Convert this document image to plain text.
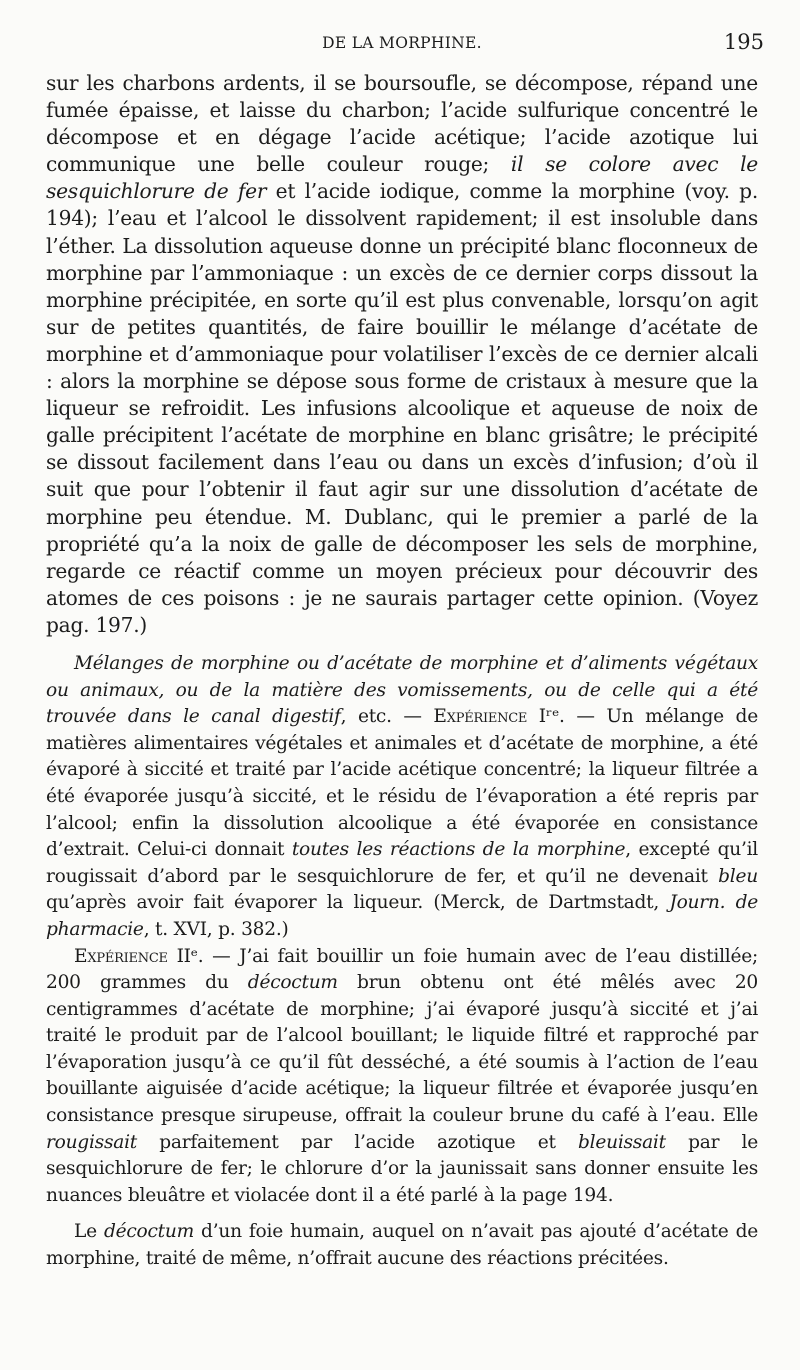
DE LA MORPHINE.	195

sur les charbons ardents, il se boursoufle, se décompose, répand une fumée épaisse, et laisse du charbon; l’acide sulfurique concentré le décompose et en dégage l’acide acétique; l’acide azotique lui communique une belle couleur rouge; il se colore avec le sesquichlorure de fer et l’acide iodique, comme la morphine (voy. p. 194); l’eau et l’alcool le dissolvent rapidement; il est insoluble dans l’éther. La dissolution aqueuse donne un précipité blanc floconneux de morphine par l’ammoniaque : un excès de ce dernier corps dissout la morphine précipitée, en sorte qu’il est plus convenable, lorsqu’on agit sur de petites quantités, de faire bouillir le mélange d’acétate de morphine et d’ammoniaque pour volatiliser l’excès de ce dernier alcali : alors la morphine se dépose sous forme de cristaux à mesure que la liqueur se refroidit. Les infusions alcoolique et aqueuse de noix de galle précipitent l’acétate de morphine en blanc grisâtre; le précipité se dissout facilement dans l’eau ou dans un excès d’infusion; d’où il suit que pour l’obtenir il faut agir sur une dissolution d’acétate de morphine peu étendue. M. Dublanc, qui le premier a parlé de la propriété qu’a la noix de galle de décomposer les sels de morphine, regarde ce réactif comme un moyen précieux pour découvrir des atomes de ces poisons : je ne saurais partager cette opinion. (Voyez pag. 197.)

Mélanges de morphine ou d’acétate de morphine et d’aliments végétaux ou animaux, ou de la matière des vomissements, ou de celle qui a été trouvée dans le canal digestif, etc. — Expérience Iʳᵉ. — Un mélange de matières alimentaires végétales et animales et d’acétate de morphine, a été évaporé à siccité et traité par l’acide acétique concentré; la liqueur filtrée a été évaporée jusqu’à siccité, et le résidu de l’évaporation a été repris par l’alcool; enfin la dissolution alcoolique a été évaporée en consistance d’extrait. Celui-ci donnait toutes les réactions de la morphine, excepté qu’il rougissait d’abord par le sesquichlorure de fer, et qu’il ne devenait bleu qu’après avoir fait évaporer la liqueur. (Merck, de Dartmstadt, Journ. de pharmacie, t. XVI, p. 382.)

Expérience IIᵉ. — J’ai fait bouillir un foie humain avec de l’eau distillée; 200 grammes du décoctum brun obtenu ont été mêlés avec 20 centigrammes d’acétate de morphine; j’ai évaporé jusqu’à siccité et j’ai traité le produit par de l’alcool bouillant; le liquide filtré et rapproché par l’évaporation jusqu’à ce qu’il fût desséché, a été soumis à l’action de l’eau bouillante aiguisée d’acide acétique; la liqueur filtrée et évaporée jusqu’en consistance presque sirupeuse, offrait la couleur brune du café à l’eau. Elle rougissait parfaitement par l’acide azotique et bleuissait par le sesquichlorure de fer; le chlorure d’or la jaunissait sans donner ensuite les nuances bleuâtre et violacée dont il a été parlé à la page 194.

Le décoctum d’un foie humain, auquel on n’avait pas ajouté d’acétate de morphine, traité de même, n’offrait aucune des réactions précitées.
